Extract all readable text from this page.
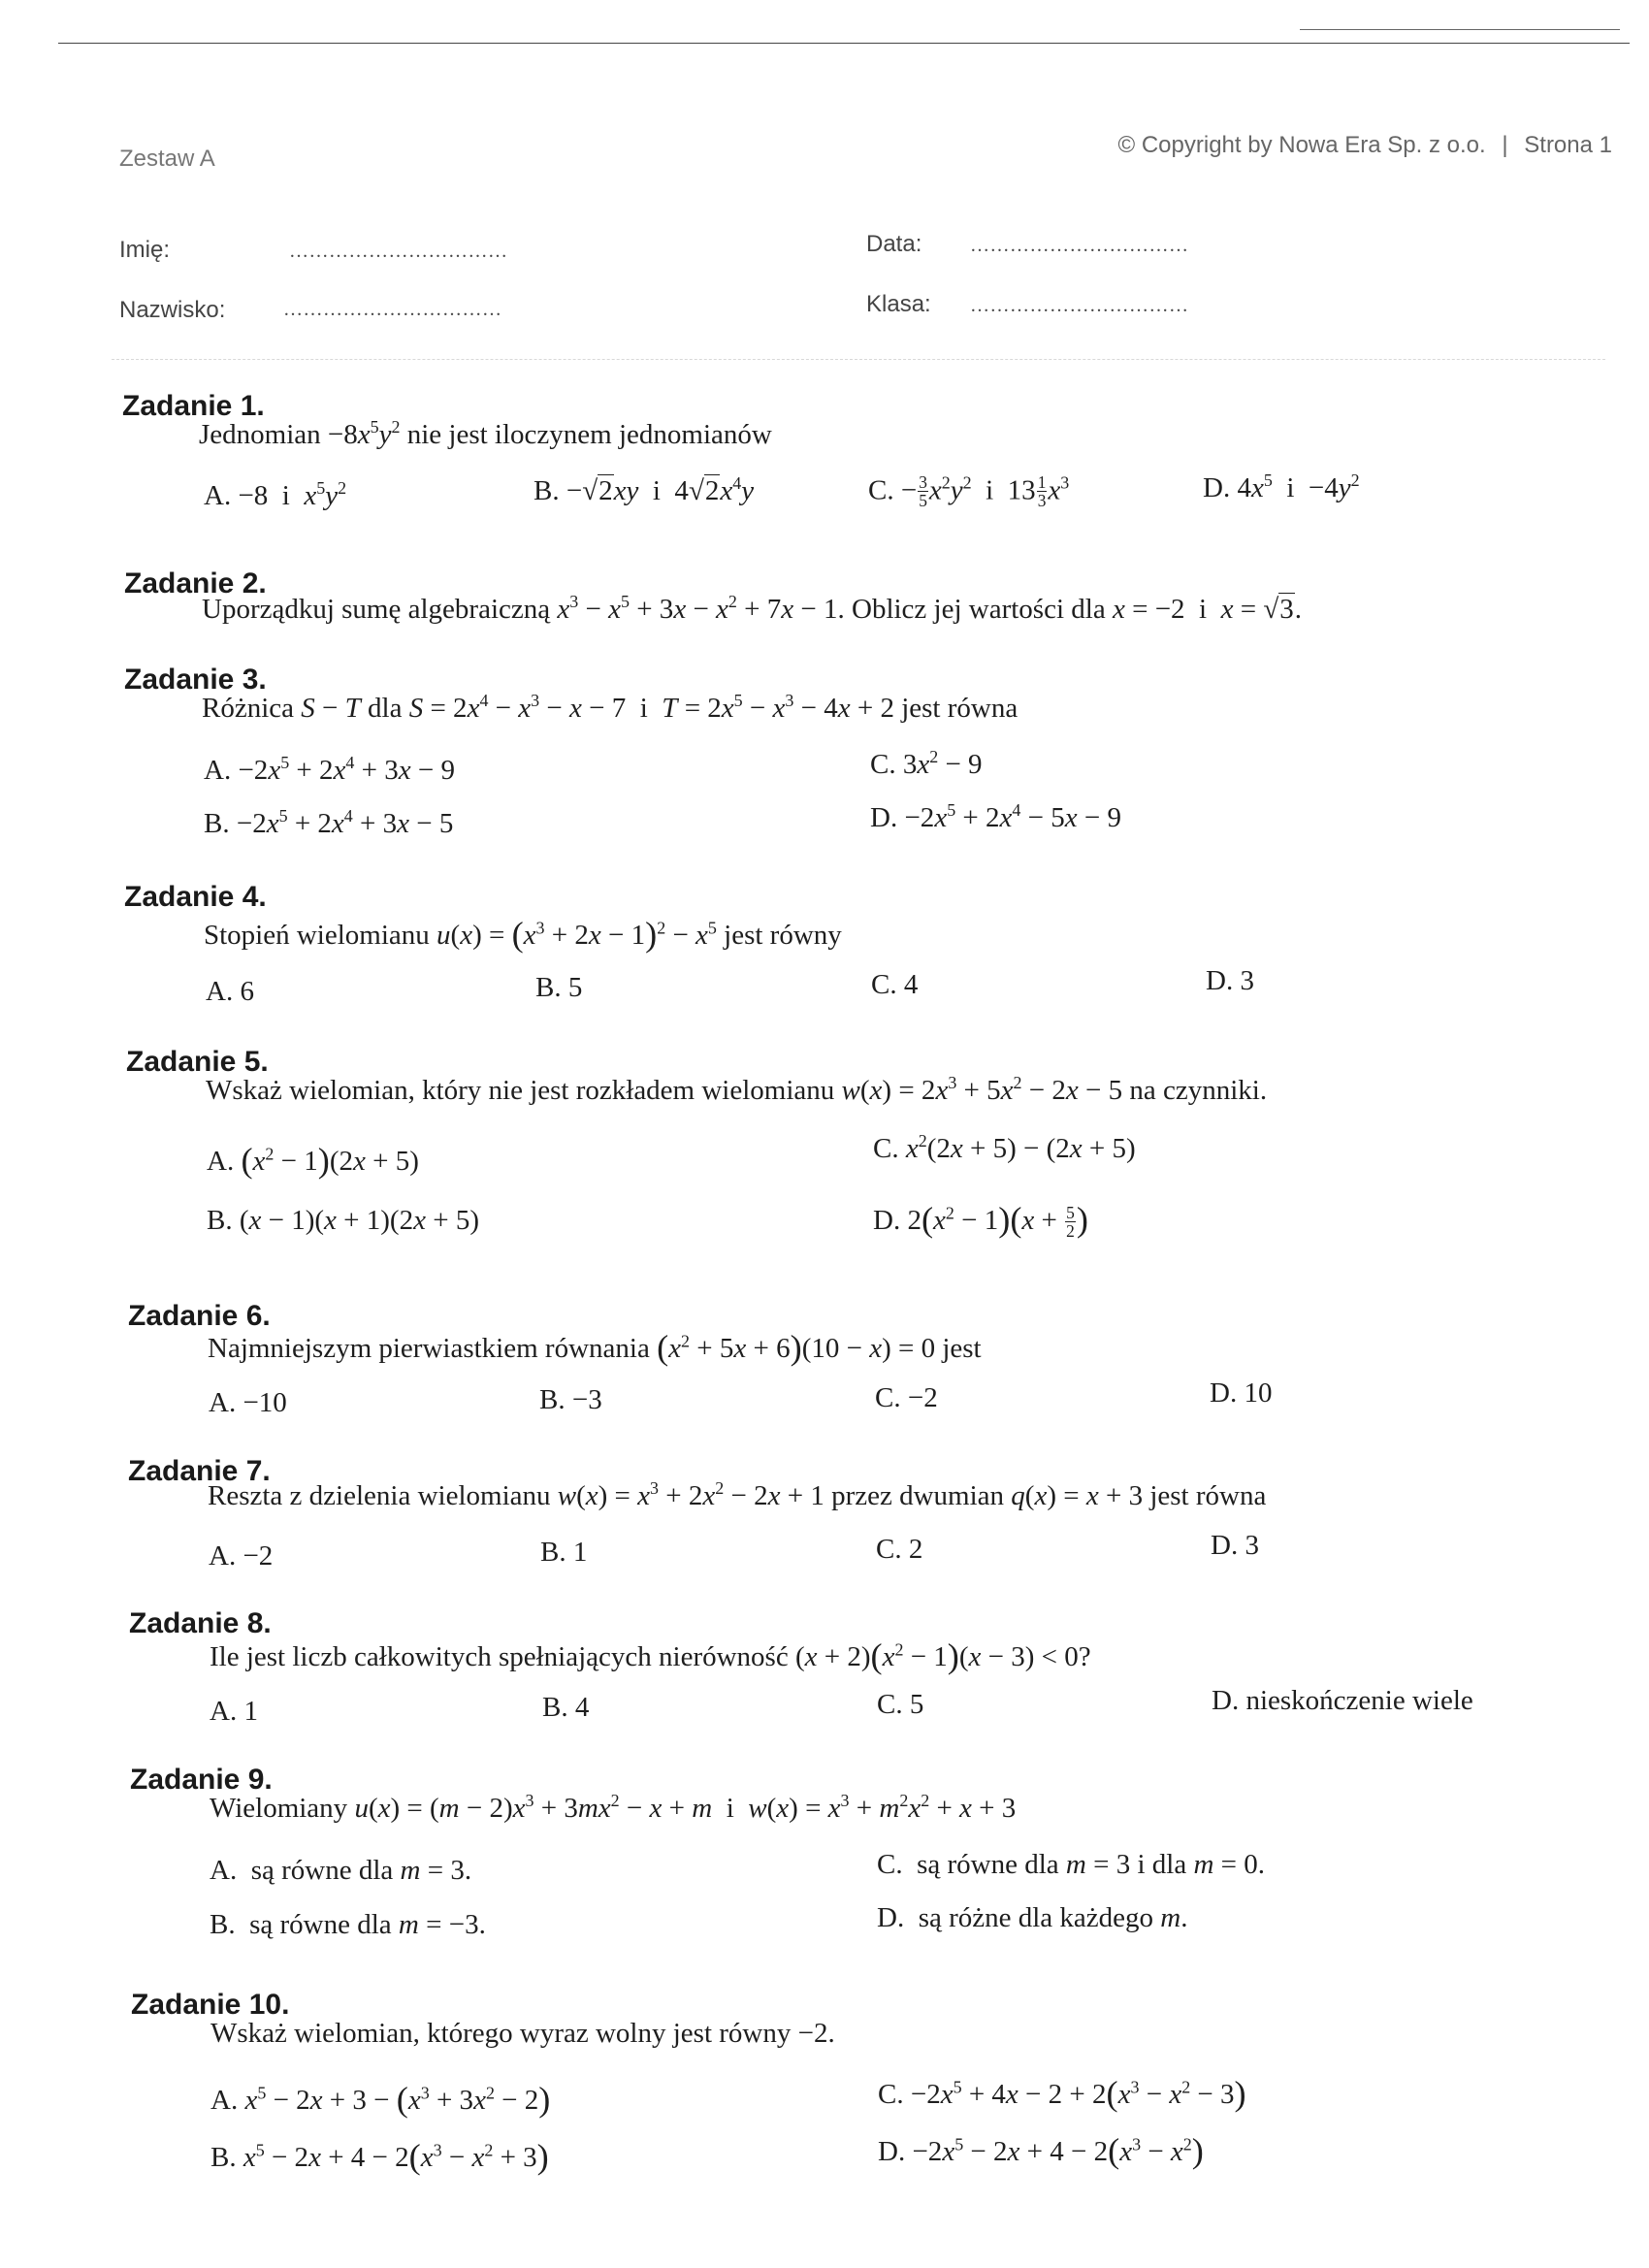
Zestaw A
© Copyright by Nowa Era Sp. z o.o. | Strona 1
Imię:	……………………………
Nazwisko:	……………………………
Data: ……………………………
Klasa: ……………………………
Zadanie 1.
Jednomian $-8x^5y^2$ nie jest iloczynem jednomianów
A. −8  i  $x^5y^2$	B. −√2xy  i  $4√2x^4y$	C. − $\frac{3}{5} x^2y^2$  i  $13 \frac{1}{3} x^3$	D. $4x^5$  $i -4y^2$
Zadanie 2.
Uporządkuj sumę algebraiczną $x^3 - x^5 + 3x - x^2 + 7x - 1$. Oblicz jej wartości dla x = −2  i  x = √3.
Zadanie 3.
Różnica S − T dla $S = 2x^4 - x^3 - x - 7$  i  $T = 2x^5 - x^3 - 4x + 2$ jest równa
A. $-2x^5 + 2x^4 + 3x - 9$
B. $-2x^5 + 2x^4 + 3x - 5$
C. $3x^2 - 9$
D. $-2x^5 + 2x^4 - 5x - 9$
Zadanie 4.
Stopień wielomianu $u(x) = (x^3 + 2x - 1)^2 - x^5$ jest równy
A. 6	B. 5	C. 4	D. 3
Zadanie 5.
Wskaż wielomian, który nie jest rozkładem wielomianu $w(x) = 2x^3 + 5x^2 - 2x - 5$ na czynniki.
A. $(x^2 - 1)(2x + 5)$
B. (x − 1)(x + 1)(2x + 5)
C. $x^2(2x + 5) - (2x + 5)$
D. $2(x^2 - 1)(x + \frac{5}{2}$ )
Zadanie 6.
Najmniejszym pierwiastkiem równania $(x^2 + 5x + 6)(10 - x) = 0$ jest
A. −10	B. −3	C. −2	D. 10
Zadanie 7.
Reszta z dzielenia wielomianu $w(x) = x^3 + 2x^2 - 2x + 1$ przez dwumian q(x) = x + 3 jest równa
A. −2	B. 1	C. 2	D. 3
Zadanie 8.
Ile jest liczb całkowitych spełniających nierówność $(x + 2)(x^2 - 1)(x - 3) < 0$?
A. 1	B. 4	C. 5	D. nieskończenie wiele
Zadanie 9.
Wielomiany $u(x) = (m - 2)x^3 + 3mx^2 - x + m$  i  $w(x) = x^3 + m^2x^2 + x + 3$
A.  są równe dla m = 3.
B.  są równe dla m = −3.
C.  są równe dla m = 3 i dla m = 0.
D.  są różne dla każdego m.
Zadanie 10.
Wskaż wielomian, którego wyraz wolny jest równy −2.
A. $x^5 - 2x + 3 - (x^3 + 3x^2 - 2)$
B. $x^5 - 2x + 4 - 2(x^3 - x^2 + 3)$
C. $-2x^5 + 4x - 2 + 2(x^3 - x^2 - 3)$
D. $-2x^5 - 2x + 4 - 2(x^3 - x^2)$
